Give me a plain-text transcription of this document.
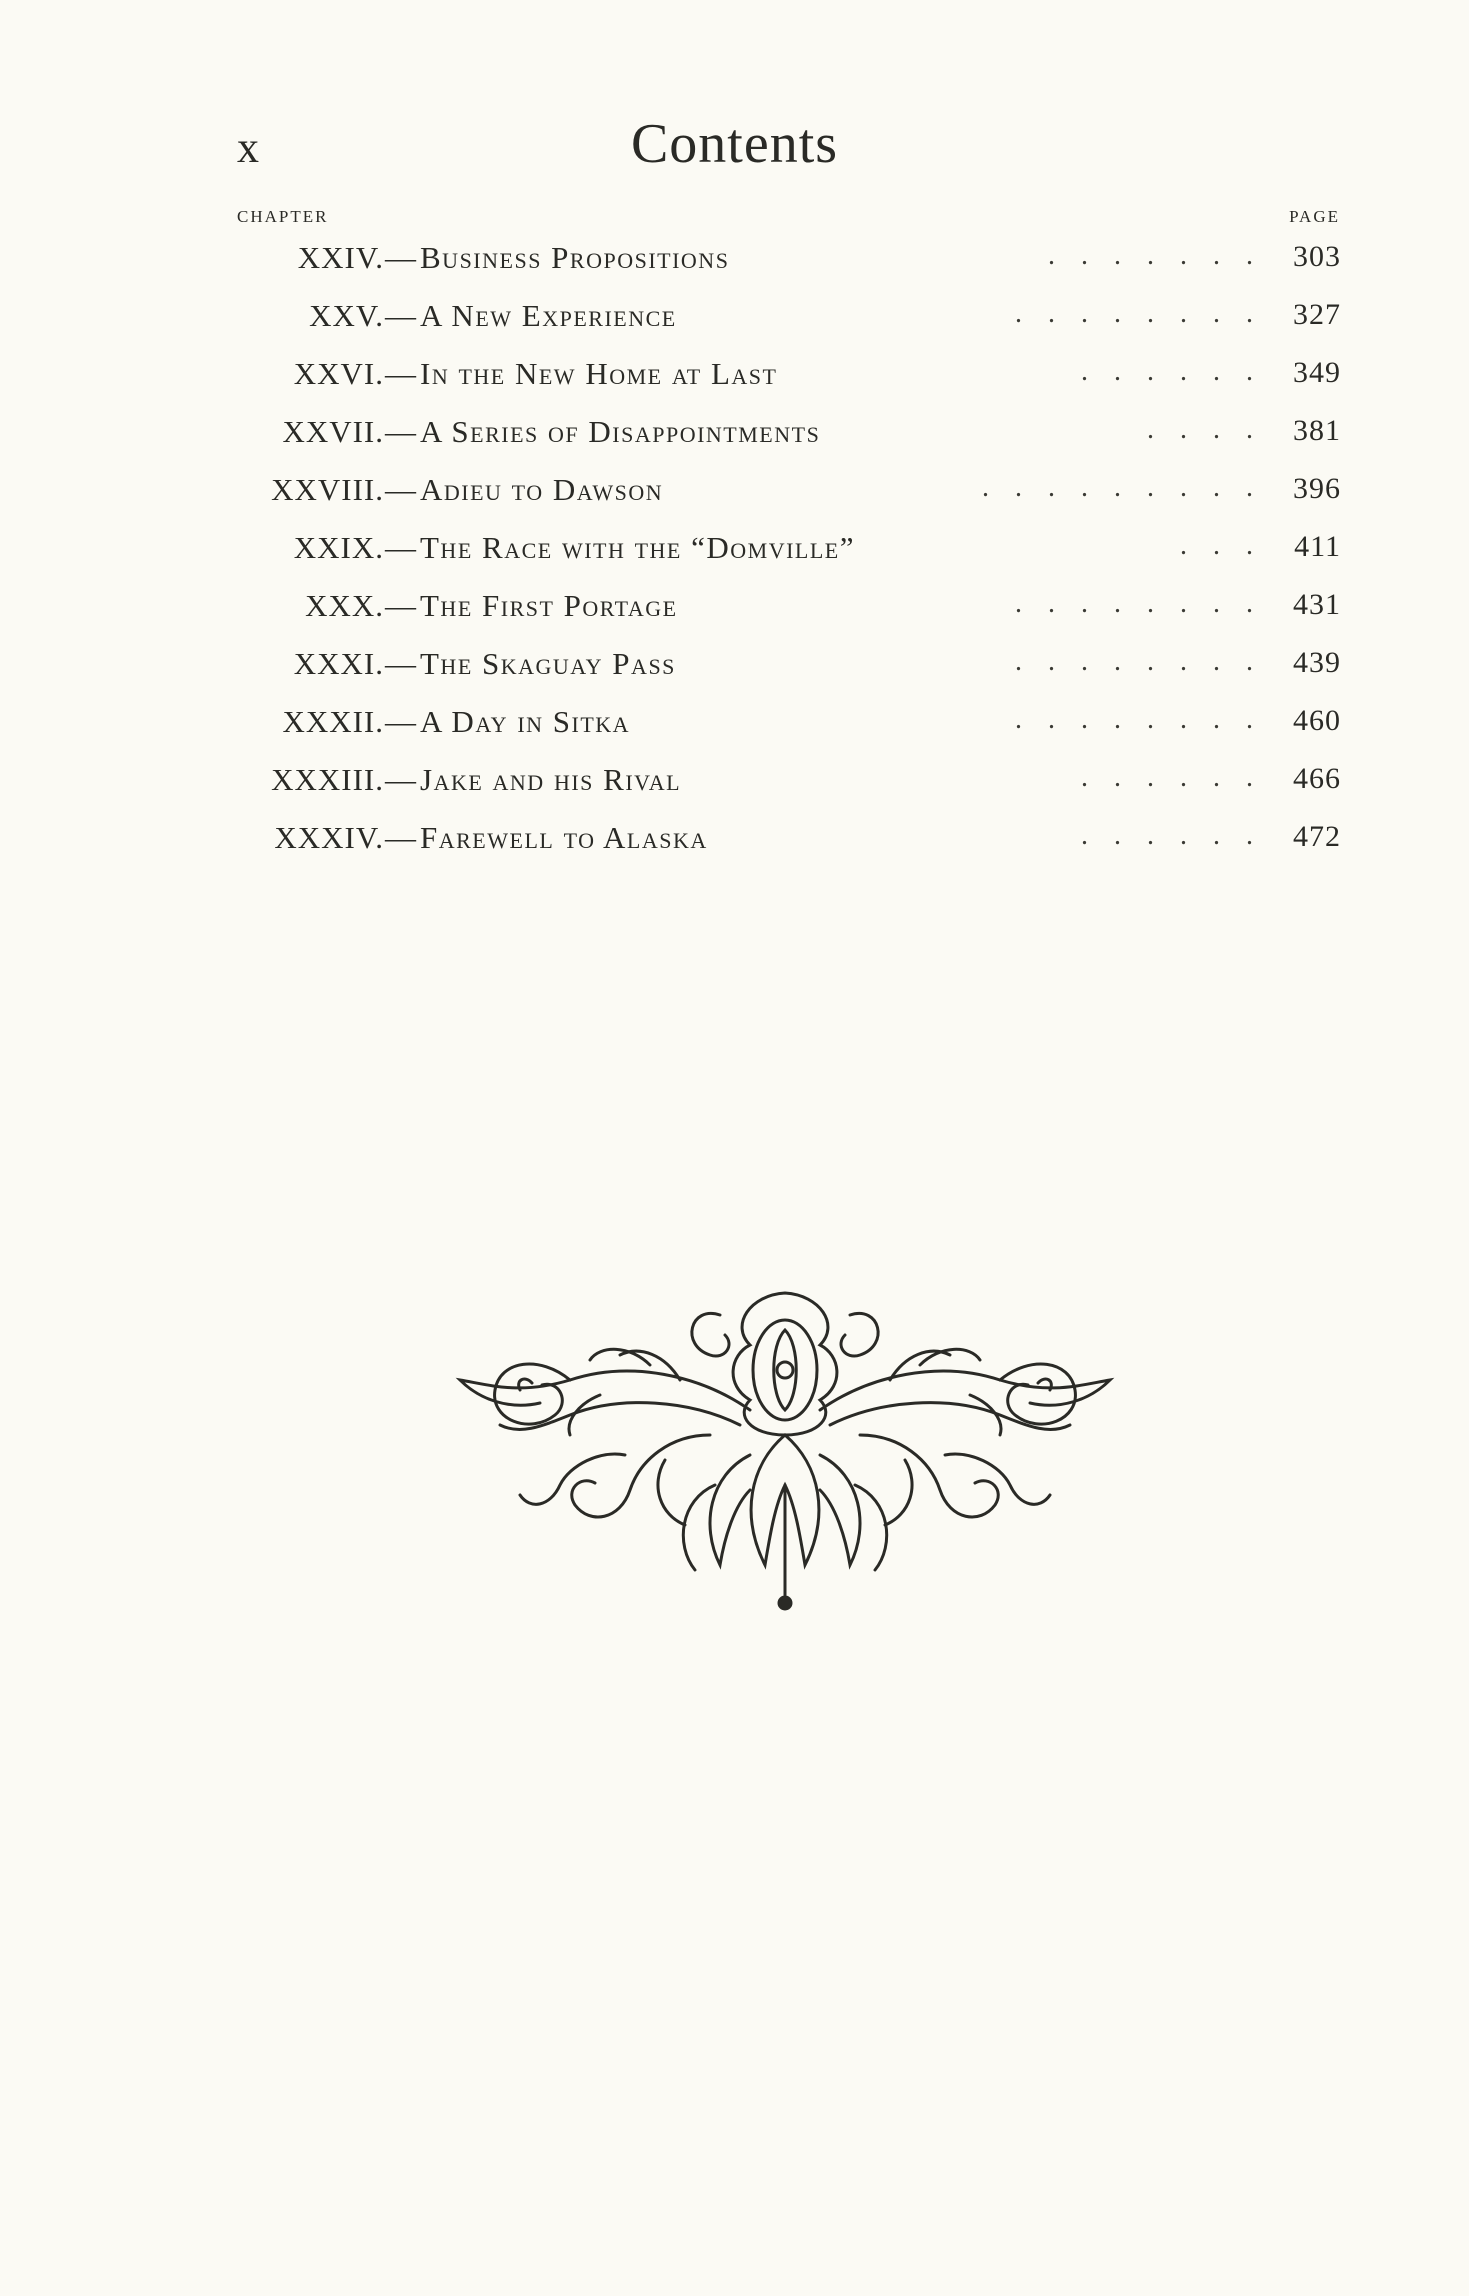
x	Contents
CHAPTER	PAGE
XXIV. — Business Propositions	....... 303
XXV. — A New Experience	........ 327
XXVI. — In the New Home at Last	...... 349
XXVII. — A Series of Disappointments	.... 381
XXVIII. — Adieu to Dawson	......... 396
XXIX. — The Race with the “Domville”	... 411
XXX. — The First Portage	........ 431
XXXI. — The Skaguay Pass	........ 439
XXXII. — A Day in Sitka	........ 460
XXXIII. — Jake and his Rival	...... 466
XXXIV. — Farewell to Alaska	...... 472
